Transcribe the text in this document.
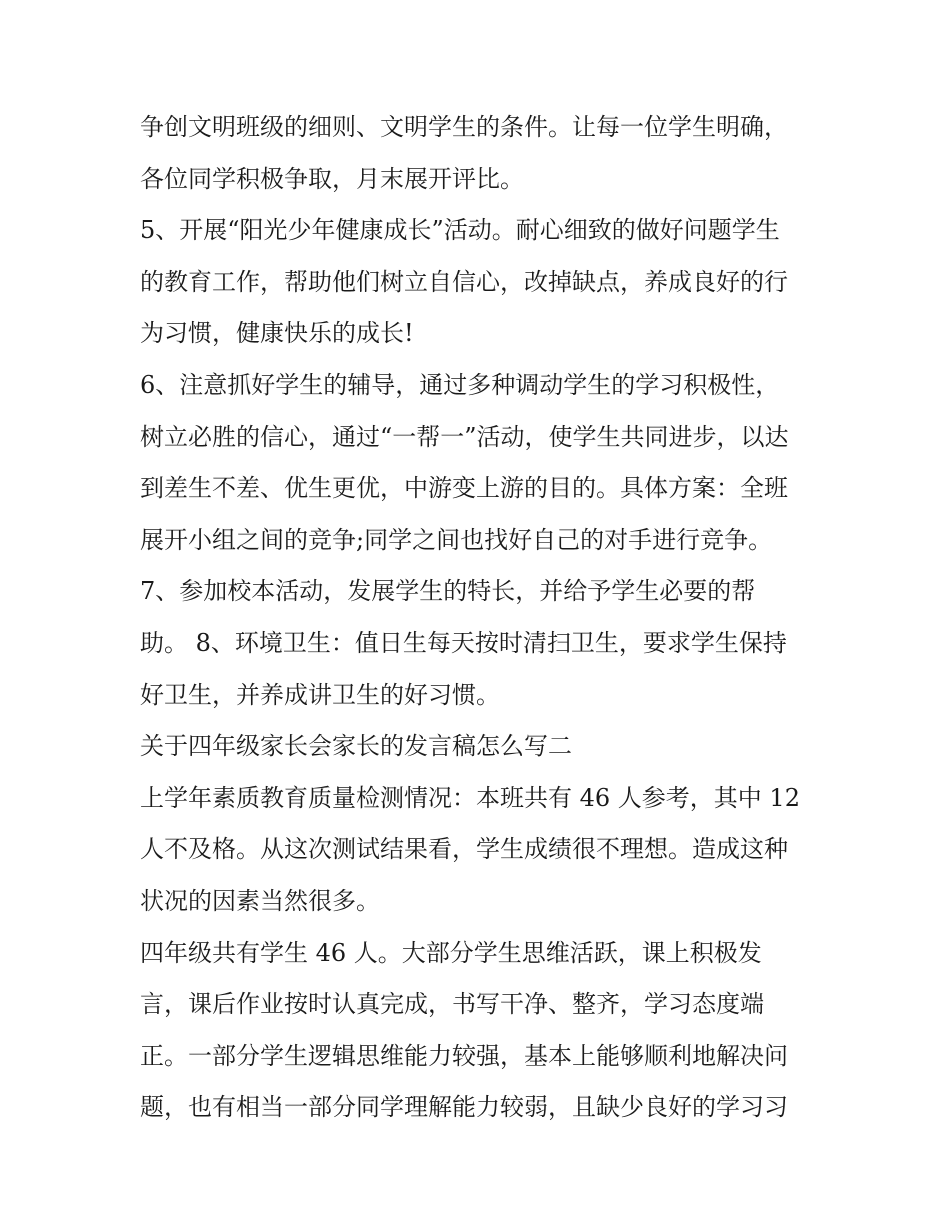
争创文明班级的细则、文明学生的条件。让每一位学生明确，
各位同学积极争取，月末展开评比。
5、开展“阳光少年健康成长”活动。耐心细致的做好问题学生
的教育工作，帮助他们树立自信心，改掉缺点，养成良好的行
为习惯，健康快乐的成长!
6、注意抓好学生的辅导，通过多种调动学生的学习积极性，
树立必胜的信心，通过“一帮一”活动，使学生共同进步，以达
到差生不差、优生更优，中游变上游的目的。具体方案：全班
展开小组之间的竞争;同学之间也找好自己的对手进行竞争。
7、参加校本活动，发展学生的特长，并给予学生必要的帮
助。 8、环境卫生：值日生每天按时清扫卫生，要求学生保持
好卫生，并养成讲卫生的好习惯。
关于四年级家长会家长的发言稿怎么写二
上学年素质教育质量检测情况：本班共有 46 人参考，其中 12
人不及格。从这次测试结果看，学生成绩很不理想。造成这种
状况的因素当然很多。
四年级共有学生 46 人。大部分学生思维活跃，课上积极发
言，课后作业按时认真完成，书写干净、整齐，学习态度端
正。一部分学生逻辑思维能力较强，基本上能够顺利地解决问
题，也有相当一部分同学理解能力较弱，且缺少良好的学习习
